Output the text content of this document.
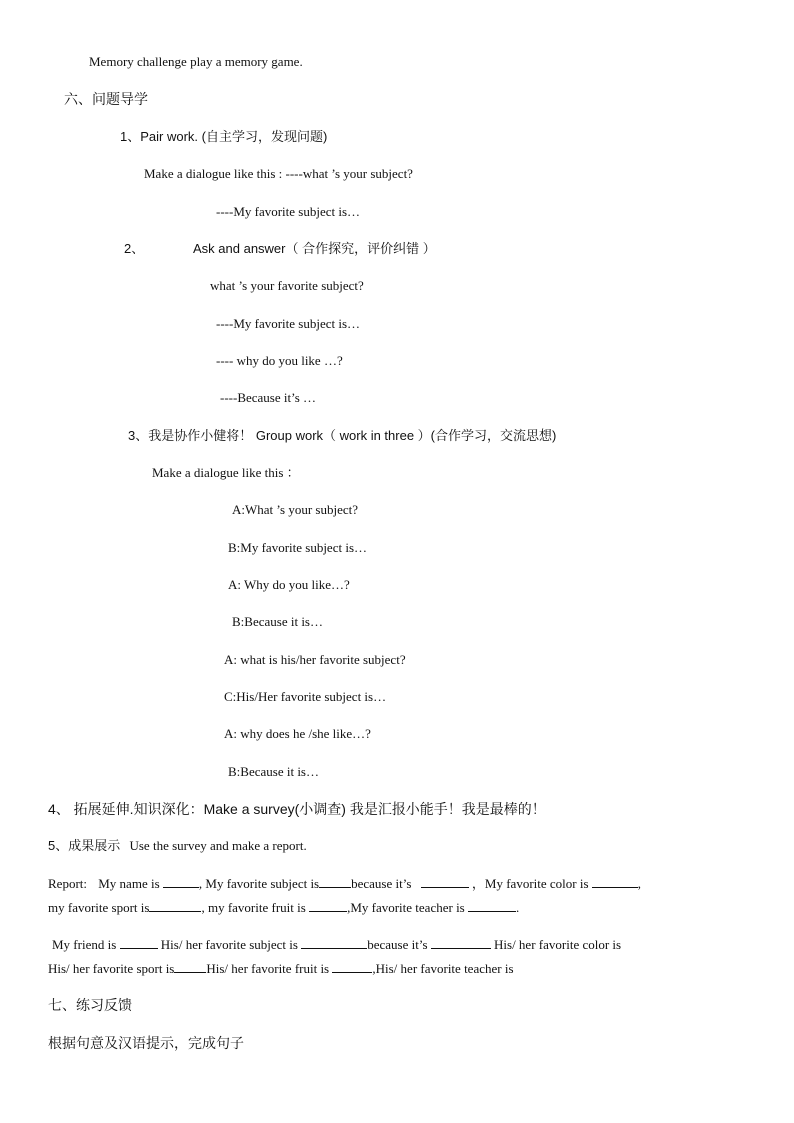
Memory challenge play a memory game.
六、问题导学
1、Pair work. (自主学习，发现问题)
Make a dialogue like this : ----what ’s your subject?
----My favorite subject is…
2、	Ask and answer（ 合作探究，评价纠错 ）
what ’s your favorite subject?
----My favorite subject is…
---- why do you like …?
----Because it’s …
3、我是协作小健将！ Group work（ work in three ）(合作学习，交流思想)
Make a dialogue like this ：
A:What ’s your subject?
B:My favorite subject is…
A: Why do you like…?
B:Because it is…
A: what is his/her favorite subject?
C:His/Her favorite subject is…
A: why does he /she like…?
B:Because it is…
4、 拓展延伸.知识深化：Make a survey(小调查) 我是汇报小能手！我是最棒的！
5、成果展示 Use the survey and make a report.
Report: My name is	, My favorite subject is because it’s	，My favorite color is	,
my favorite sport is	, my favorite fruit is	,My favorite teacher is	.
My friend is	His/ her favorite subject is	because it’s	His/ her favorite color is
His/ her favorite sport is His/ her favorite fruit is	,His/ her favorite teacher is
七、练习反馈
根据句意及汉语提示，完成句子
